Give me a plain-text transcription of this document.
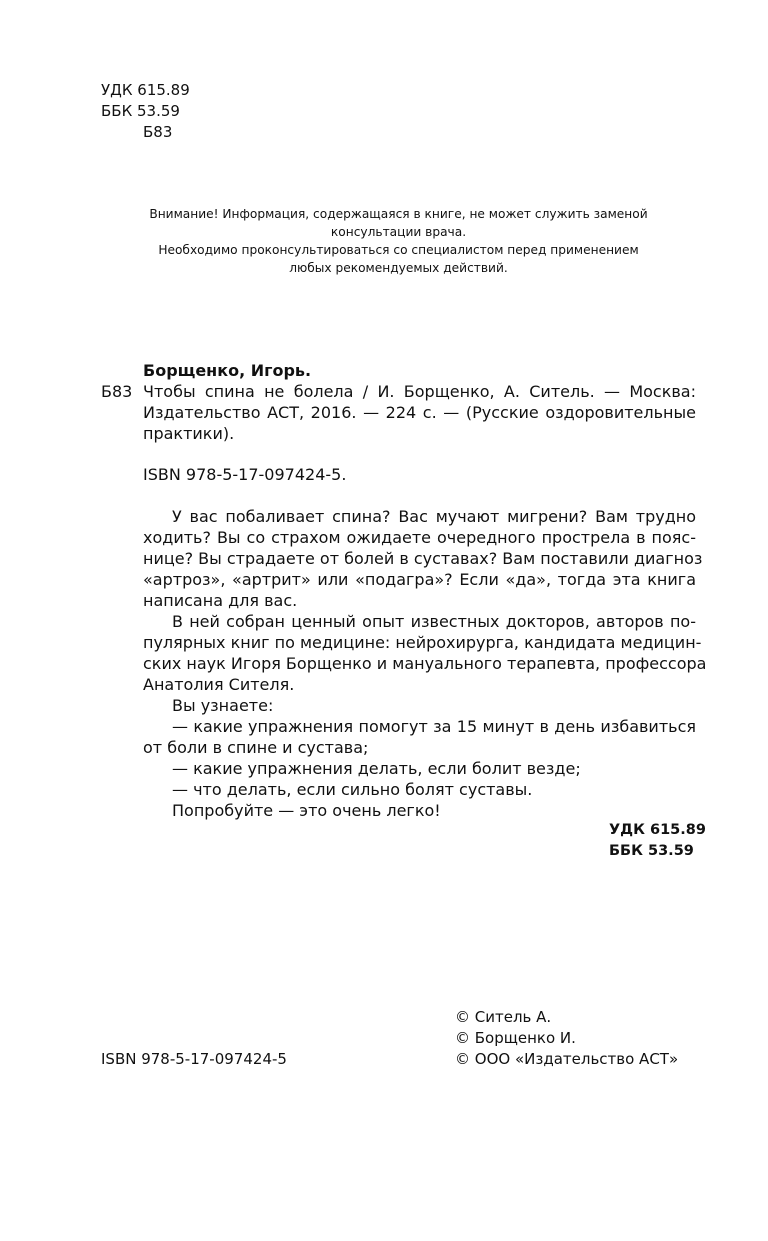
УДК 615.89
ББК 53.59
Б83
Внимание! Информация, содержащаяся в книге, не может служить заменой
консультации врача.
Необходимо проконсультироваться со специалистом перед применением
любых рекомендуемых действий.
Борщенко, Игорь.
Б83 Чтобы спина не болела / И. Борщенко, А. Ситель. — Москва:
Издательство АСТ, 2016. — 224 с. — (Русские оздоровительные
практики).
ISBN 978-5-17-097424-5.
У вас побаливает спина? Вас мучают мигрени? Вам трудно
ходить? Вы со страхом ожидаете очередного прострела в пояс-
нице? Вы страдаете от болей в суставах? Вам поставили диагноз
«артроз», «артрит» или «подагра»? Если «да», тогда эта книга
написана для вас.
В ней собран ценный опыт известных докторов, авторов по-
пулярных книг по медицине: нейрохирурга, кандидата медицин-
ских наук Игоря Борщенко и мануального терапевта, профессора
Анатолия Сителя.
Вы узнаете:
— какие упражнения помогут за 15 минут в день избавиться
от боли в спине и сустава;
— какие упражнения делать, если болит везде;
— что делать, если сильно болят суставы.
Попробуйте — это очень легко!
УДК 615.89
ББК 53.59
© Ситель А.
© Борщенко И.
© ООО «Издательство АСТ»
ISBN 978-5-17-097424-5
